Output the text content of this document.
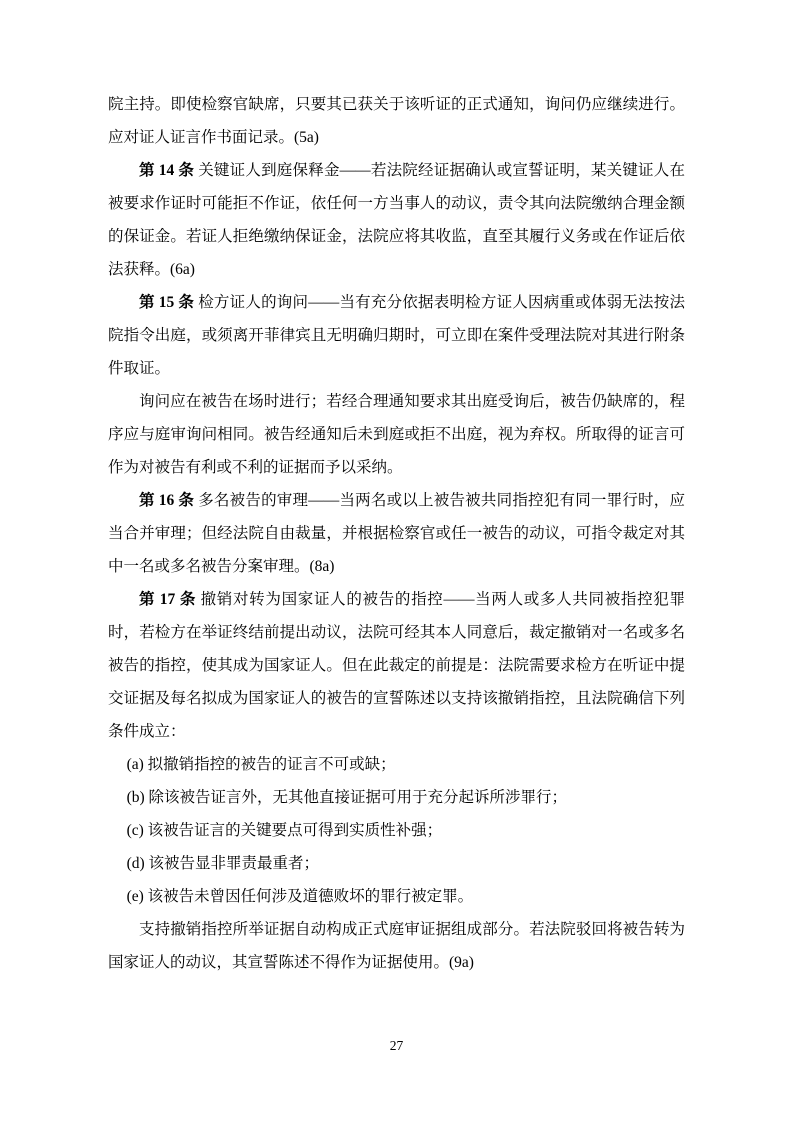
院主持。即使检察官缺席，只要其已获关于该听证的正式通知，询问仍应继续进行。应对证人证言作书面记录。(5a)

第 14 条 关键证人到庭保释金——若法院经证据确认或宣誓证明，某关键证人在被要求作证时可能拒不作证，依任何一方当事人的动议，责令其向法院缴纳合理金额的保证金。若证人拒绝缴纳保证金，法院应将其收监，直至其履行义务或在作证后依法获释。(6a)

第 15 条 检方证人的询问——当有充分依据表明检方证人因病重或体弱无法按法院指令出庭，或须离开菲律宾且无明确归期时，可立即在案件受理法院对其进行附条件取证。

询问应在被告在场时进行；若经合理通知要求其出庭受询后，被告仍缺席的，程序应与庭审询问相同。被告经通知后未到庭或拒不出庭，视为弃权。所取得的证言可作为对被告有利或不利的证据而予以采纳。

第 16 条 多名被告的审理——当两名或以上被告被共同指控犯有同一罪行时，应当合并审理；但经法院自由裁量，并根据检察官或任一被告的动议，可指令裁定对其中一名或多名被告分案审理。(8a)

第 17 条 撤销对转为国家证人的被告的指控——当两人或多人共同被指控犯罪时，若检方在举证终结前提出动议，法院可经其本人同意后，裁定撤销对一名或多名被告的指控，使其成为国家证人。但在此裁定的前提是：法院需要求检方在听证中提交证据及每名拟成为国家证人的被告的宣誓陈述以支持该撤销指控，且法院确信下列条件成立：

(a) 拟撤销指控的被告的证言不可或缺；

(b) 除该被告证言外，无其他直接证据可用于充分起诉所涉罪行；

(c) 该被告证言的关键要点可得到实质性补强；

(d) 该被告显非罪责最重者；

(e) 该被告未曾因任何涉及道德败坏的罪行被定罪。

支持撤销指控所举证据自动构成正式庭审证据组成部分。若法院驳回将被告转为国家证人的动议，其宣誓陈述不得作为证据使用。(9a)

27
